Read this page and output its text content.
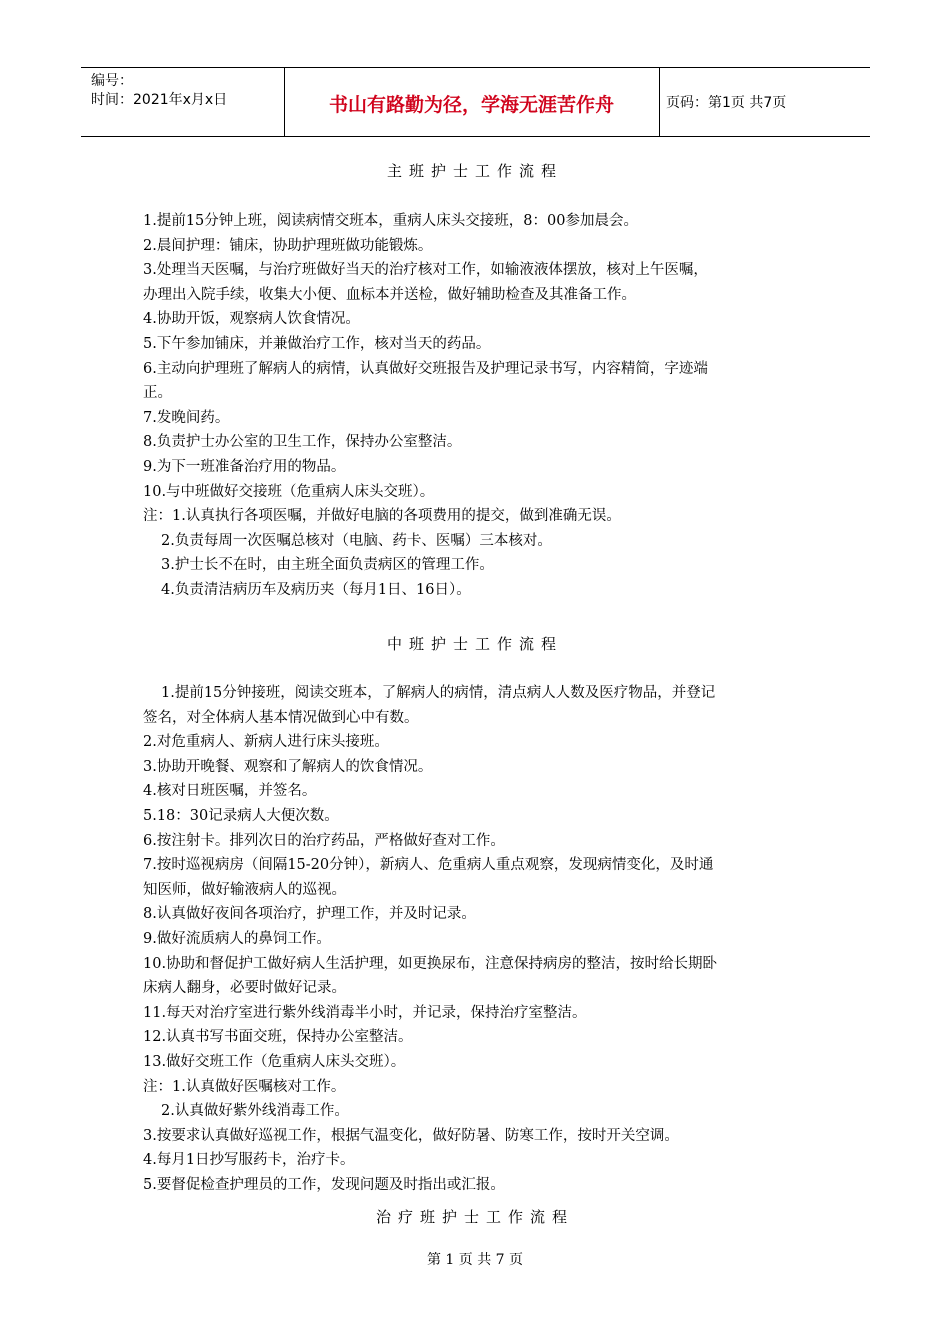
编号：
时间：2021年x月x日	书山有路勤为径，学海无涯苦作舟	页码：第1页 共7页
主班护士工作流程
1.提前15分钟上班，阅读病情交班本，重病人床头交接班，8：00参加晨会。
2.晨间护理：铺床，协助护理班做功能锻炼。
3.处理当天医嘱，与治疗班做好当天的治疗核对工作，如输液液体摆放，核对上午医嘱，
办理出入院手续，收集大小便、血标本并送检，做好辅助检查及其准备工作。
4.协助开饭，观察病人饮食情况。
5.下午参加铺床，并兼做治疗工作，核对当天的药品。
6.主动向护理班了解病人的病情，认真做好交班报告及护理记录书写，内容精简，字迹端
正。
7.发晚间药。
8.负责护士办公室的卫生工作，保持办公室整洁。
9.为下一班准备治疗用的物品。
10.与中班做好交接班（危重病人床头交班）。
注：1.认真执行各项医嘱，并做好电脑的各项费用的提交，做到准确无误。
2.负责每周一次医嘱总核对（电脑、药卡、医嘱）三本核对。
3.护士长不在时，由主班全面负责病区的管理工作。
4.负责清洁病历车及病历夹（每月1日、16日）。
中班护士工作流程
1.提前15分钟接班，阅读交班本，了解病人的病情，清点病人人数及医疗物品，并登记
签名，对全体病人基本情况做到心中有数。
2.对危重病人、新病人进行床头接班。
3.协助开晚餐、观察和了解病人的饮食情况。
4.核对日班医嘱，并签名。
5.18：30记录病人大便次数。
6.按注射卡。排列次日的治疗药品，严格做好查对工作。
7.按时巡视病房（间隔15-20分钟），新病人、危重病人重点观察，发现病情变化，及时通
知医师，做好输液病人的巡视。
8.认真做好夜间各项治疗，护理工作，并及时记录。
9.做好流质病人的鼻饲工作。
10.协助和督促护工做好病人生活护理，如更换尿布，注意保持病房的整洁，按时给长期卧
床病人翻身，必要时做好记录。
11.每天对治疗室进行紫外线消毒半小时，并记录，保持治疗室整洁。
12.认真书写书面交班，保持办公室整洁。
13.做好交班工作（危重病人床头交班）。
注：1.认真做好医嘱核对工作。
2.认真做好紫外线消毒工作。
3.按要求认真做好巡视工作，根据气温变化，做好防暑、防寒工作，按时开关空调。
4.每月1日抄写服药卡，治疗卡。
5.要督促检查护理员的工作，发现问题及时指出或汇报。
治疗班护士工作流程
第 1 页 共 7 页
